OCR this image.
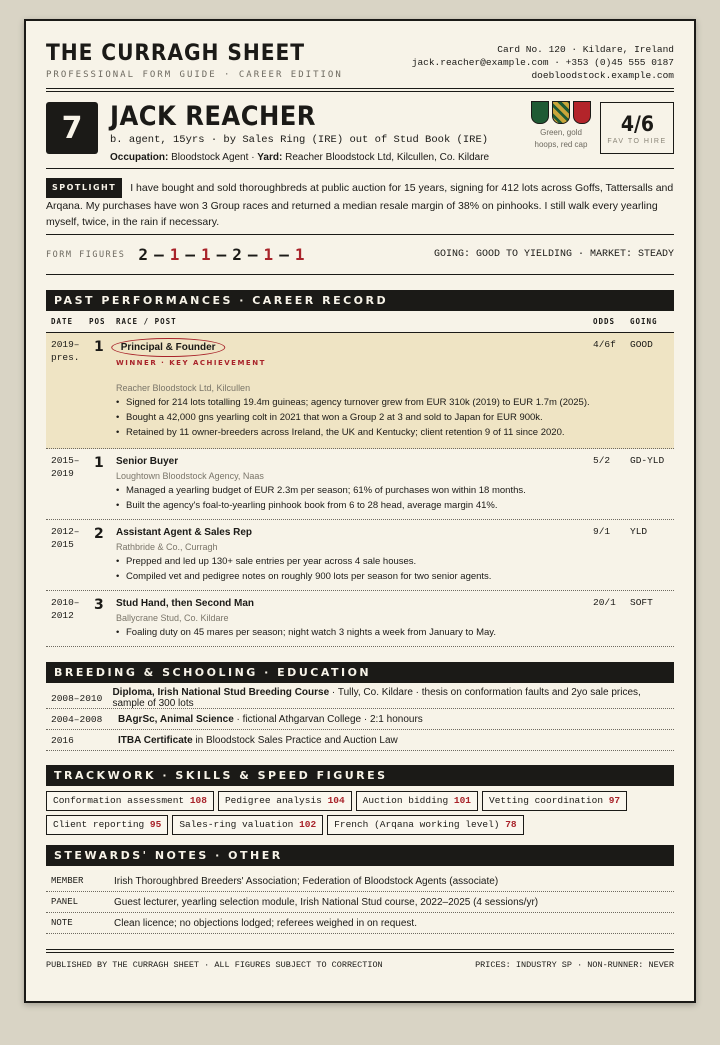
THE CURRAGH SHEET
PROFESSIONAL FORM GUIDE · CAREER EDITION
Card No. 120 · Kildare, Ireland
jack.reacher@example.com · +353 (0)45 555 0187
doebloodstock.example.com
7	JACK REACHER
b. agent, 15yrs · by Sales Ring (IRE) out of Stud Book (IRE)
Occupation: Bloodstock Agent · Yard: Reacher Bloodstock Ltd, Kilcullen, Co. Kildare
Green, gold hoops, red cap
4/6
FAV TO HIRE
SPOTLIGHT I have bought and sold thoroughbreds at public auction for 15 years, signing for 412 lots across Goffs, Tattersalls and Arqana. My purchases have won 3 Group races and returned a median resale margin of 38% on pinhooks. I still walk every yearling myself, twice, in the rain if necessary.
FORM FIGURES 2 – 1 – 1 – 2 – 1 – 1	GOING: GOOD TO YIELDING · MARKET: STEADY
PAST PERFORMANCES · CAREER RECORD
DATE	POS	RACE / POST	ODDS	GOING
2019–
pres.
1	Principal & Founder
WINNER · KEY ACHIEVEMENT
Reacher Bloodstock Ltd, Kilcullen
• Signed for 214 lots totalling 19.4m guineas; agency turnover grew from EUR 310k (2019) to EUR 1.7m (2025).
• Bought a 42,000 gns yearling colt in 2021 that won a Group 2 at 3 and sold to Japan for EUR 900k.
• Retained by 11 owner-breeders across Ireland, the UK and Kentucky; client retention 9 of 11 since 2020.
4/6f	GOOD
2015–
2019
1	Senior Buyer
Loughtown Bloodstock Agency, Naas
• Managed a yearling budget of EUR 2.3m per season; 61% of purchases won within 18 months.
• Built the agency's foal-to-yearling pinhook book from 6 to 28 head, average margin 41%.
5/2	GD-YLD
2012–
2015
2	Assistant Agent & Sales Rep
Rathbride & Co., Curragh
• Prepped and led up 130+ sale entries per year across 4 sale houses.
• Compiled vet and pedigree notes on roughly 900 lots per season for two senior agents.
9/1	YLD
2010–
2012
3	Stud Hand, then Second Man
Ballycrane Stud, Co. Kildare
• Foaling duty on 45 mares per season; night watch 3 nights a week from January to May.
20/1	SOFT
BREEDING & SCHOOLING · EDUCATION
2008–2010	Diploma, Irish National Stud Breeding Course · Tully, Co. Kildare · thesis on conformation faults and 2yo sale prices, sample of 300 lots
2004–2008	BAgrSc, Animal Science · fictional Athgarvan College · 2:1 honours
2016	ITBA Certificate in Bloodstock Sales Practice and Auction Law
TRACKWORK · SKILLS & SPEED FIGURES
Conformation assessment 108	Pedigree analysis 104	Auction bidding 101	Vetting coordination 97
Client reporting 95	Sales-ring valuation 102	French (Arqana working level) 78
STEWARDS' NOTES · OTHER
MEMBER	Irish Thoroughbred Breeders' Association; Federation of Bloodstock Agents (associate)
PANEL	Guest lecturer, yearling selection module, Irish National Stud course, 2022–2025 (4 sessions/yr)
NOTE	Clean licence; no objections lodged; referees weighed in on request.
PUBLISHED BY THE CURRAGH SHEET · ALL FIGURES SUBJECT TO CORRECTION	PRICES: INDUSTRY SP · NON-RUNNER: NEVER
